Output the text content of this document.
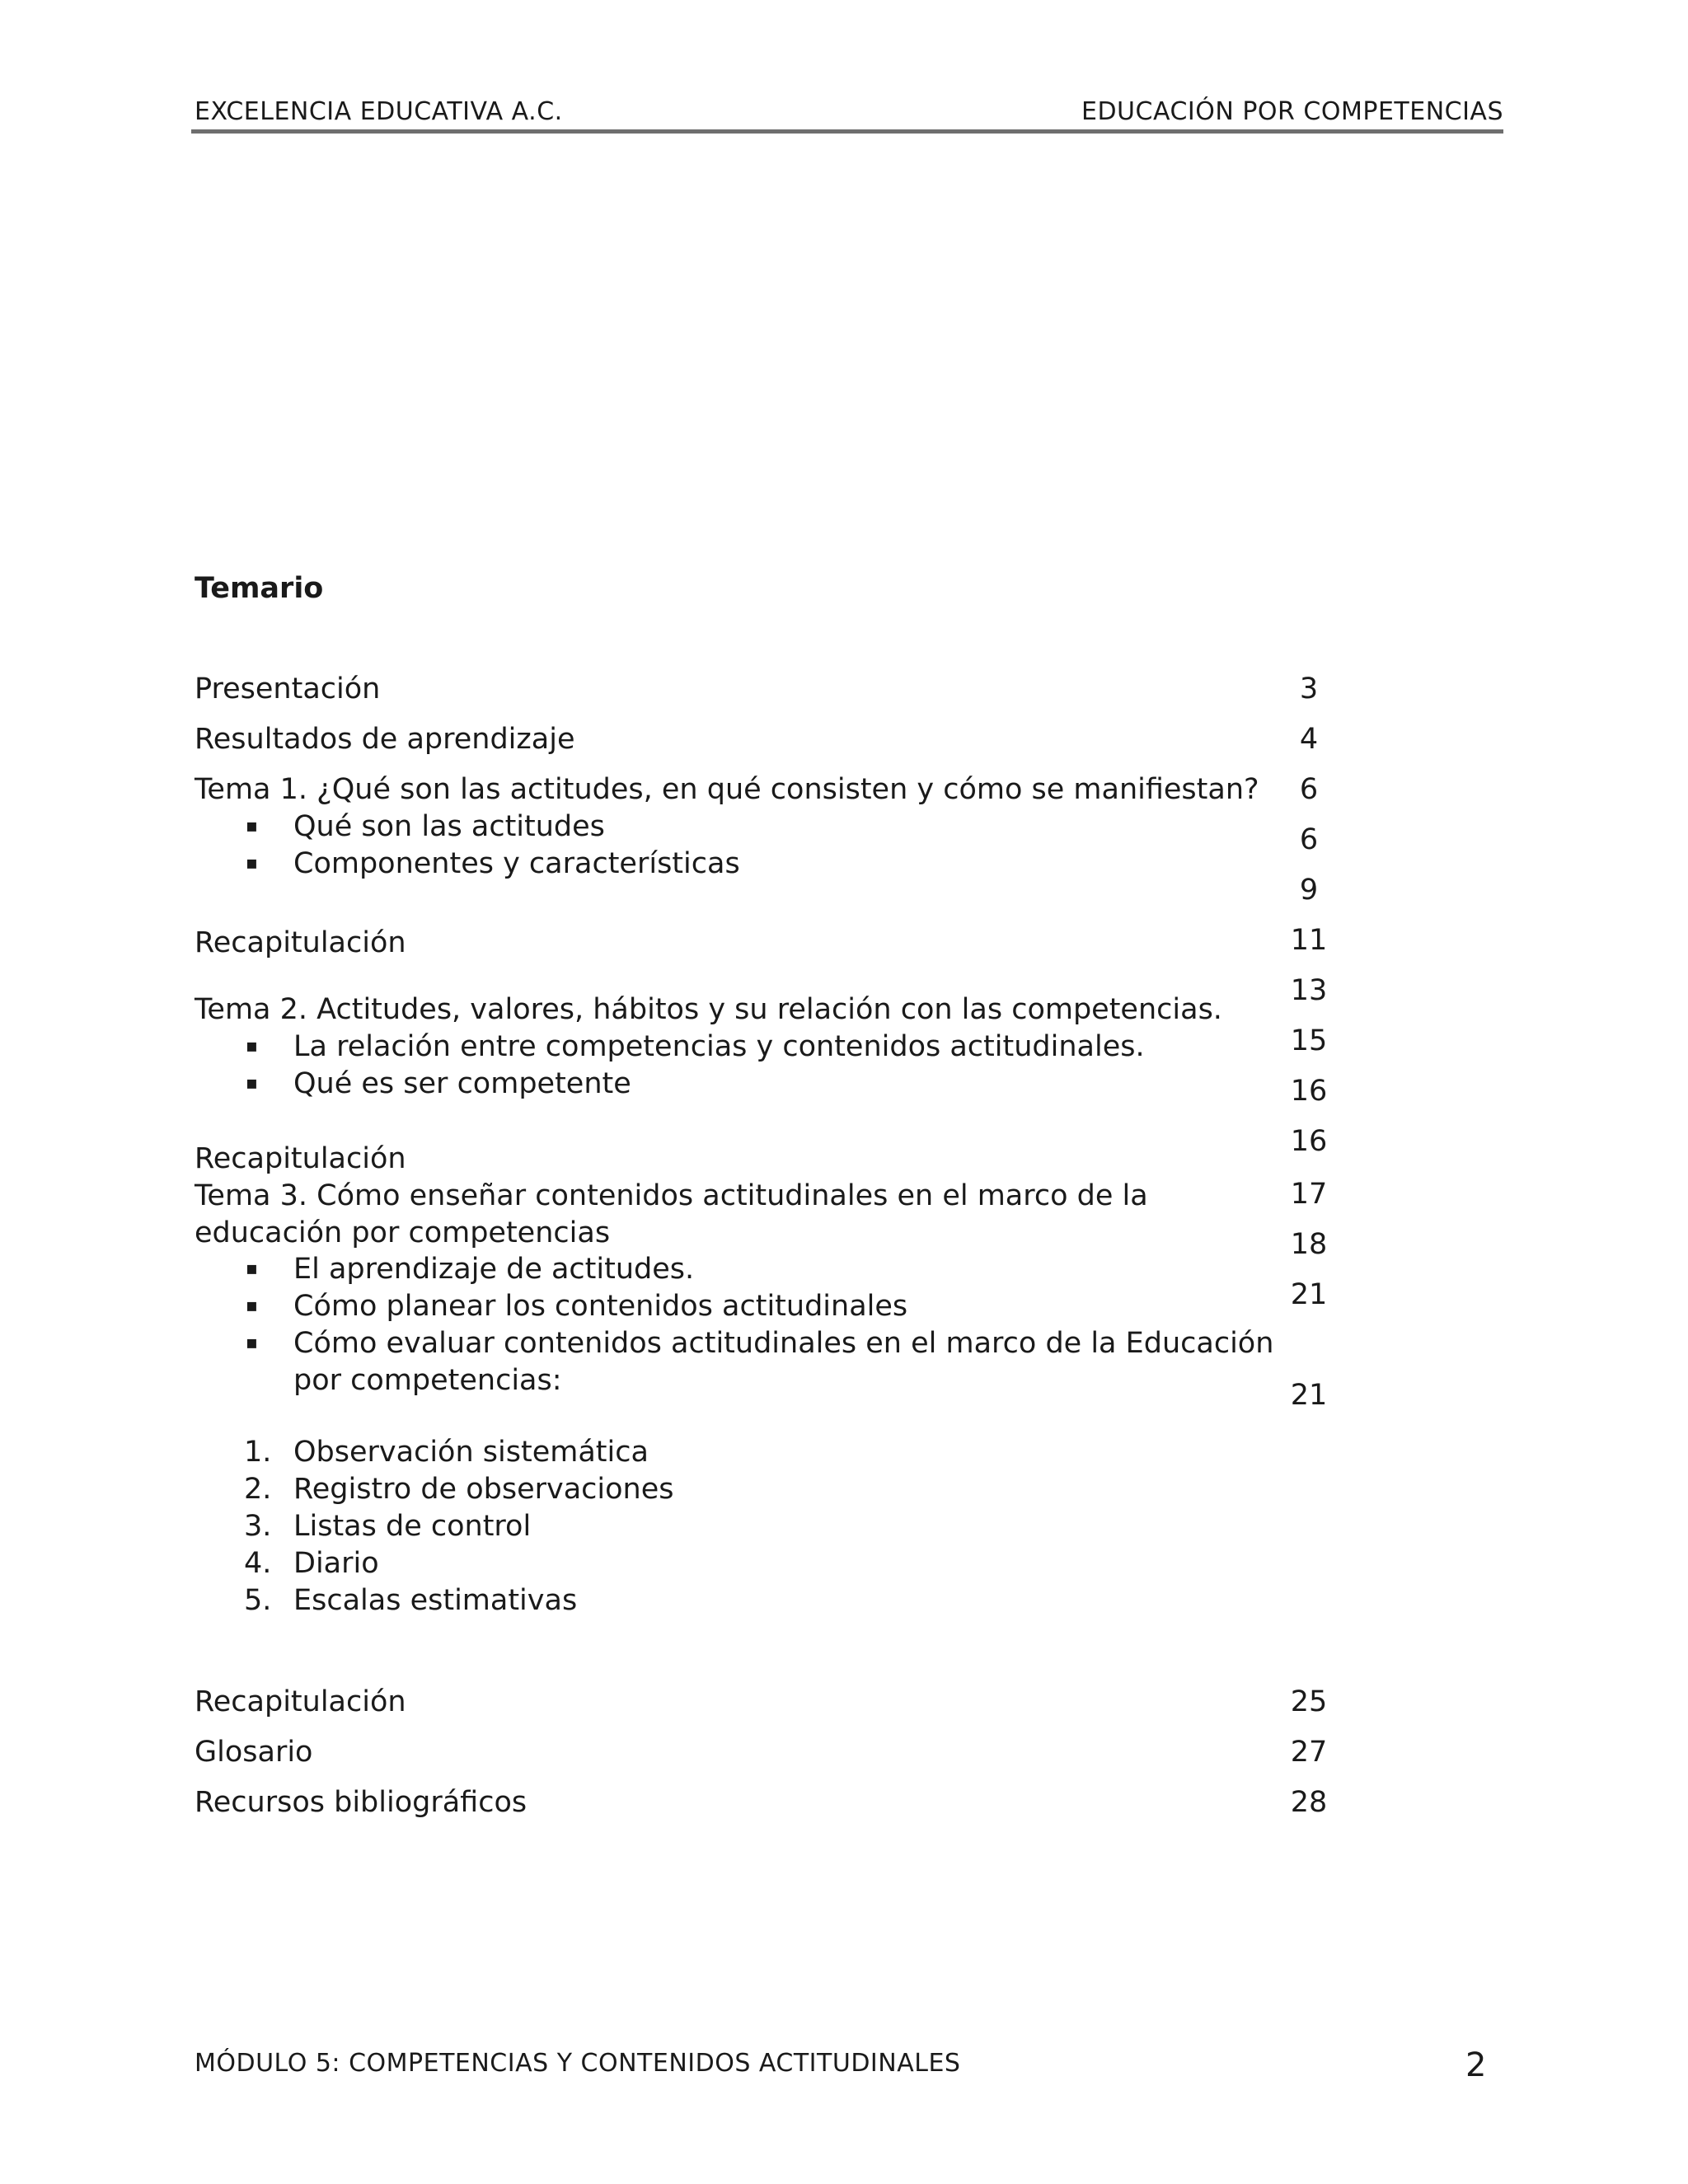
EXCELENCIA EDUCATIVA A.C.	EDUCACIÓN POR COMPETENCIAS
Temario
Presentación
Resultados de aprendizaje
Tema 1. ¿Qué son las actitudes, en qué consisten y cómo se manifiestan?
▪ Qué son las actitudes
▪ Componentes y características
Recapitulación
Tema 2. Actitudes, valores, hábitos y su relación con las competencias.
▪ La relación entre competencias y contenidos actitudinales.
▪ Qué es ser competente
Recapitulación
Tema 3. Cómo enseñar contenidos actitudinales en el marco de la
educación por competencias
▪ El aprendizaje de actitudes.
▪ Cómo planear los contenidos actitudinales
▪ Cómo evaluar contenidos actitudinales en el marco de la Educación
por competencias:
1. Observación sistemática
2. Registro de observaciones
3. Listas de control
4. Diario
5. Escalas estimativas
Recapitulación
Glosario
Recursos bibliográficos
3
4
6
6
9
11
13
15
16
16
17
18
21
21
25
27
28
MÓDULO 5: COMPETENCIAS Y CONTENIDOS ACTITUDINALES	2
